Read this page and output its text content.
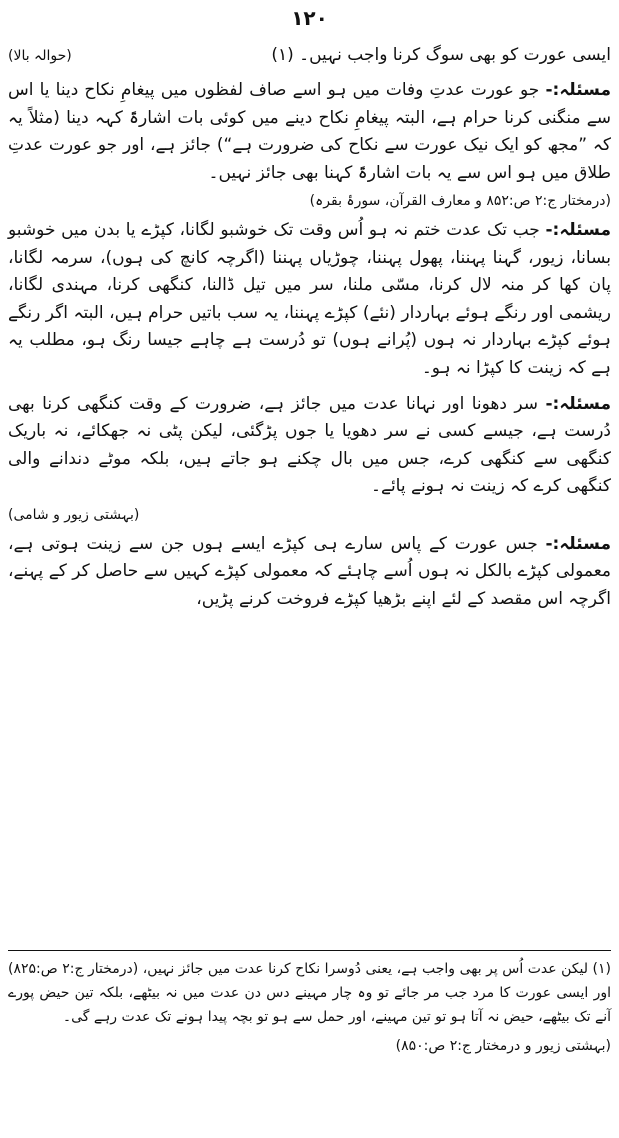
۱۲۰
ایسی عورت کو بھی سوگ کرنا واجب نہیں۔ (۱)
(حوالہ بالا)
مسئلہ:- جو عورت عدتِ وفات میں ہو اسے صاف لفظوں میں پیغامِ نکاح دینا یا اس سے منگنی کرنا حرام ہے، البتہ پیغامِ نکاح دینے میں کوئی بات اشارۃً کہہ دینا (مثلاً یہ کہ ”مجھ کو ایک نیک عورت سے نکاح کی ضرورت ہے“) جائز ہے، اور جو عورت عدتِ طلاق میں ہو اس سے یہ بات اشارۃً کہنا بھی جائز نہیں۔
(درمختار ج:۲ ص:۸۵۲ و معارف القرآن، سورۂ بقرہ)
مسئلہ:- جب تک عدت ختم نہ ہو اُس وقت تک خوشبو لگانا، کپڑے یا بدن میں خوشبو بسانا، زیور، گہنا پہننا، پھول پہننا، چوڑیاں پہننا (اگرچہ کانچ کی ہوں)، سرمہ لگانا، پان کھا کر منہ لال کرنا، مسّی ملنا، سر میں تیل ڈالنا، کنگھی کرنا، مہندی لگانا، ریشمی اور رنگے ہوئے بہاردار (نئے) کپڑے پہننا، یہ سب باتیں حرام ہیں، البتہ اگر رنگے ہوئے کپڑے بہاردار نہ ہوں (پُرانے ہوں) تو دُرست ہے چاہے جیسا رنگ ہو، مطلب یہ ہے کہ زینت کا کپڑا نہ ہو۔
مسئلہ:- سر دھونا اور نہانا عدت میں جائز ہے، ضرورت کے وقت کنگھی کرنا بھی دُرست ہے، جیسے کسی نے سر دھویا یا جوں پڑگئی، لیکن پٹی نہ جھکائے، نہ باریک کنگھی سے کنگھی کرے، جس میں بال چکنے ہو جاتے ہیں، بلکہ موٹے دندانے والی کنگھی کرے کہ زینت نہ ہونے پائے۔
(بہشتی زیور و شامی)
مسئلہ:- جس عورت کے پاس سارے ہی کپڑے ایسے ہوں جن سے زینت ہوتی ہے، معمولی کپڑے بالکل نہ ہوں اُسے چاہئے کہ معمولی کپڑے کہیں سے حاصل کر کے پہنے، اگرچہ اس مقصد کے لئے اپنے بڑھیا کپڑے فروخت کرنے پڑیں،
(۱) لیکن عدت اُس پر بھی واجب ہے، یعنی دُوسرا نکاح کرنا عدت میں جائز نہیں، (درمختار ج:۲ ص:۸۲۵) اور ایسی عورت کا مرد جب مر جائے تو وہ چار مہینے دس دن عدت میں نہ بیٹھے، بلکہ تین حیض پورے آنے تک بیٹھے، حیض نہ آتا ہو تو تین مہینے، اور حمل سے ہو تو بچہ پیدا ہونے تک عدت رہے گی۔
(بہشتی زیور و درمختار ج:۲ ص:۸۵۰)
